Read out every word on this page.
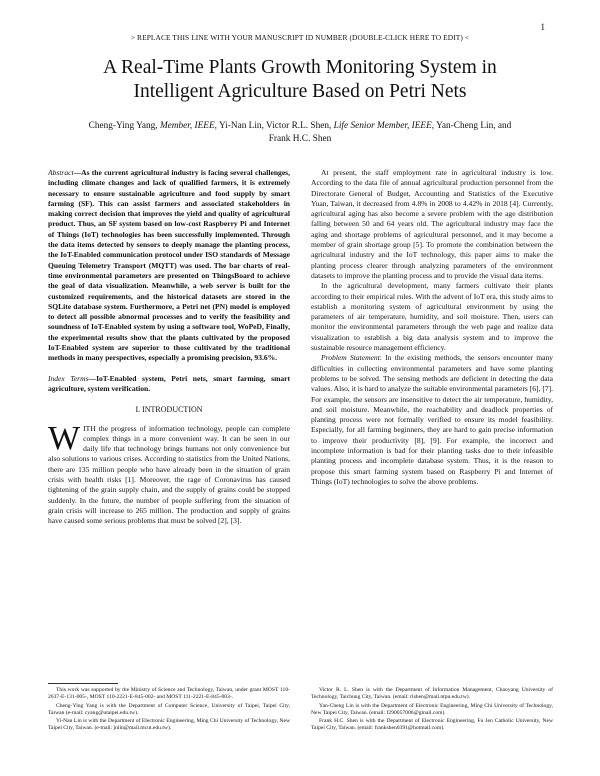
1
> REPLACE THIS LINE WITH YOUR MANUSCRIPT ID NUMBER (DOUBLE-CLICK HERE TO EDIT) <
A Real-Time Plants Growth Monitoring System in
Intelligent Agriculture Based on Petri Nets
Cheng-Ying Yang, Member, IEEE, Yi-Nan Lin, Victor R.L. Shen, Life Senior Member, IEEE, Yan-Cheng Lin, and
Frank H.C. Shen

Abstract—As the current agricultural industry is facing several challenges, including climate changes and lack of qualified farmers, it is extremely necessary to ensure sustainable agriculture and food supply by smart farming (SF). This can assist farmers and associated stakeholders in making correct decision that improves the yield and quality of agricultural product. Thus, an SF system based on low-cost Raspberry Pi and Internet of Things (IoT) technologies has been successfully implemented. Through the data items detected by sensors to deeply manage the planting process, the IoT-Enabled communication protocol under ISO standards of Message Queuing Telemetry Transport (MQTT) was used. The bar charts of real-time environmental parameters are presented on ThingsBoard to achieve the goal of data visualization. Meanwhile, a web server is built for the customized requirements, and the historical datasets are stored in the SQLite database system. Furthermore, a Petri net (PN) model is employed to detect all possible abnormal processes and to verify the feasibility and soundness of IoT-Enabled system by using a software tool, WoPeD, Finally, the experimental results show that the plants cultivated by the proposed IoT-Enabled system are superior to those cultivated by the traditional methods in many perspectives, especially a promising precision, 93.6%.

Index Terms—IoT-Enabled system, Petri nets, smart farming, smart agriculture, system verification.

I. INTRODUCTION

WITH the progress of information technology, people can complete complex things in a more convenient way. It can be seen in our daily life that technology brings humans not only convenience but also solutions to various crises. According to statistics from the United Nations, there are 135 million people who have already been in the situation of grain crisis with health risks [1]. Moreover, the rage of Coronavirus has caused tightening of the grain supply chain, and the supply of grains could be stopped suddenly. In the future, the number of people suffering from the situation of grain crisis will increase to 265 million. The production and supply of grains have caused some serious problems that must be solved [2], [3].

At present, the staff employment rate in agricultural industry is low. According to the data file of annual agricultural production personnel from the Directorate General of Budget, Accounting and Statistics of the Executive Yuan, Taiwan, it decreased from 4.8% in 2008 to 4.42% in 2018 [4]. Currently, agricultural aging has also become a severe problem with the age distribution falling between 50 and 64 years old. The agricultural industry may face the aging and shortage problems of agricultural personnel, and it may become a member of grain shortage group [5]. To promote the combination between the agricultural industry and the IoT technology, this paper aims to make the planting process clearer through analyzing parameters of the environment datasets to improve the planting process and to provide the visual data items.

In the agricultural development, many farmers cultivate their plants according to their empirical rules. With the advent of IoT era, this study aims to establish a monitoring system of agricultural environment by using the parameters of air temperature, humidity, and soil moisture. Then, users can monitor the environmental parameters through the web page and realize data visualization to establish a big data analysis system and to improve the sustainable resource management efficiency.

Problem Statement: In the existing methods, the sensors encounter many difficulties in collecting environmental parameters and have some planting problems to be solved. The sensing methods are deficient in detecting the data values. Also, it is hard to analyze the suitable environmental parameters [6], [7]. For example, the sensors are insensitive to detect the air temperature, humidity, and soil moisture. Meanwhile, the reachability and deadlock properties of planting process were not formally verified to ensure its model feasibility. Especially, for all farming beginners, they are hard to gain precise information to improve their productivity [8], [9]. For example, the incorrect and incomplete information is bad for their planting tasks due to their infeasible planting process and incomplete database system. Thus, it is the reason to propose this smart farming system based on Raspberry Pi and Internet of Things (IoT) technologies to solve the above problems.

This work was supported by the Ministry of Science and Technology, Taiwan, under grant MOST 110-2637-E-131-005-, MOST 110-2221-E-845-002- and MOST 111-2221-E-845-003-.

Cheng-Ying Yang is with the Department of Computer Science, University of Taipei, Taipei City, Taiwan (e-mail: cyang@utaipei.edu.tw).

Yi-Nan Lin is with the Department of Electronic Engineering, Ming Chi University of Technology, New Taipei City, Taiwan. (e-mail: jnlin@mail.mcut.edu.tw).

Victor R. L. Shen is with the Department of Information Management, Chaoyang University of Technology, Taichung City, Taiwan. (email: rlshen@mail.ntpu.edu.tw).

Yan-Cheng Lin is with the Department of Electronic Engineering, Ming Chi University of Technology, New Taipei City, Taiwan. (email: f290057006@gmail.com).

Frank H.C. Shen is with the Department of Electronic Engineering, Fu Jen Catholic University, New Taipei City, Taiwan. (email: frankshen0391@hotmail.com).
